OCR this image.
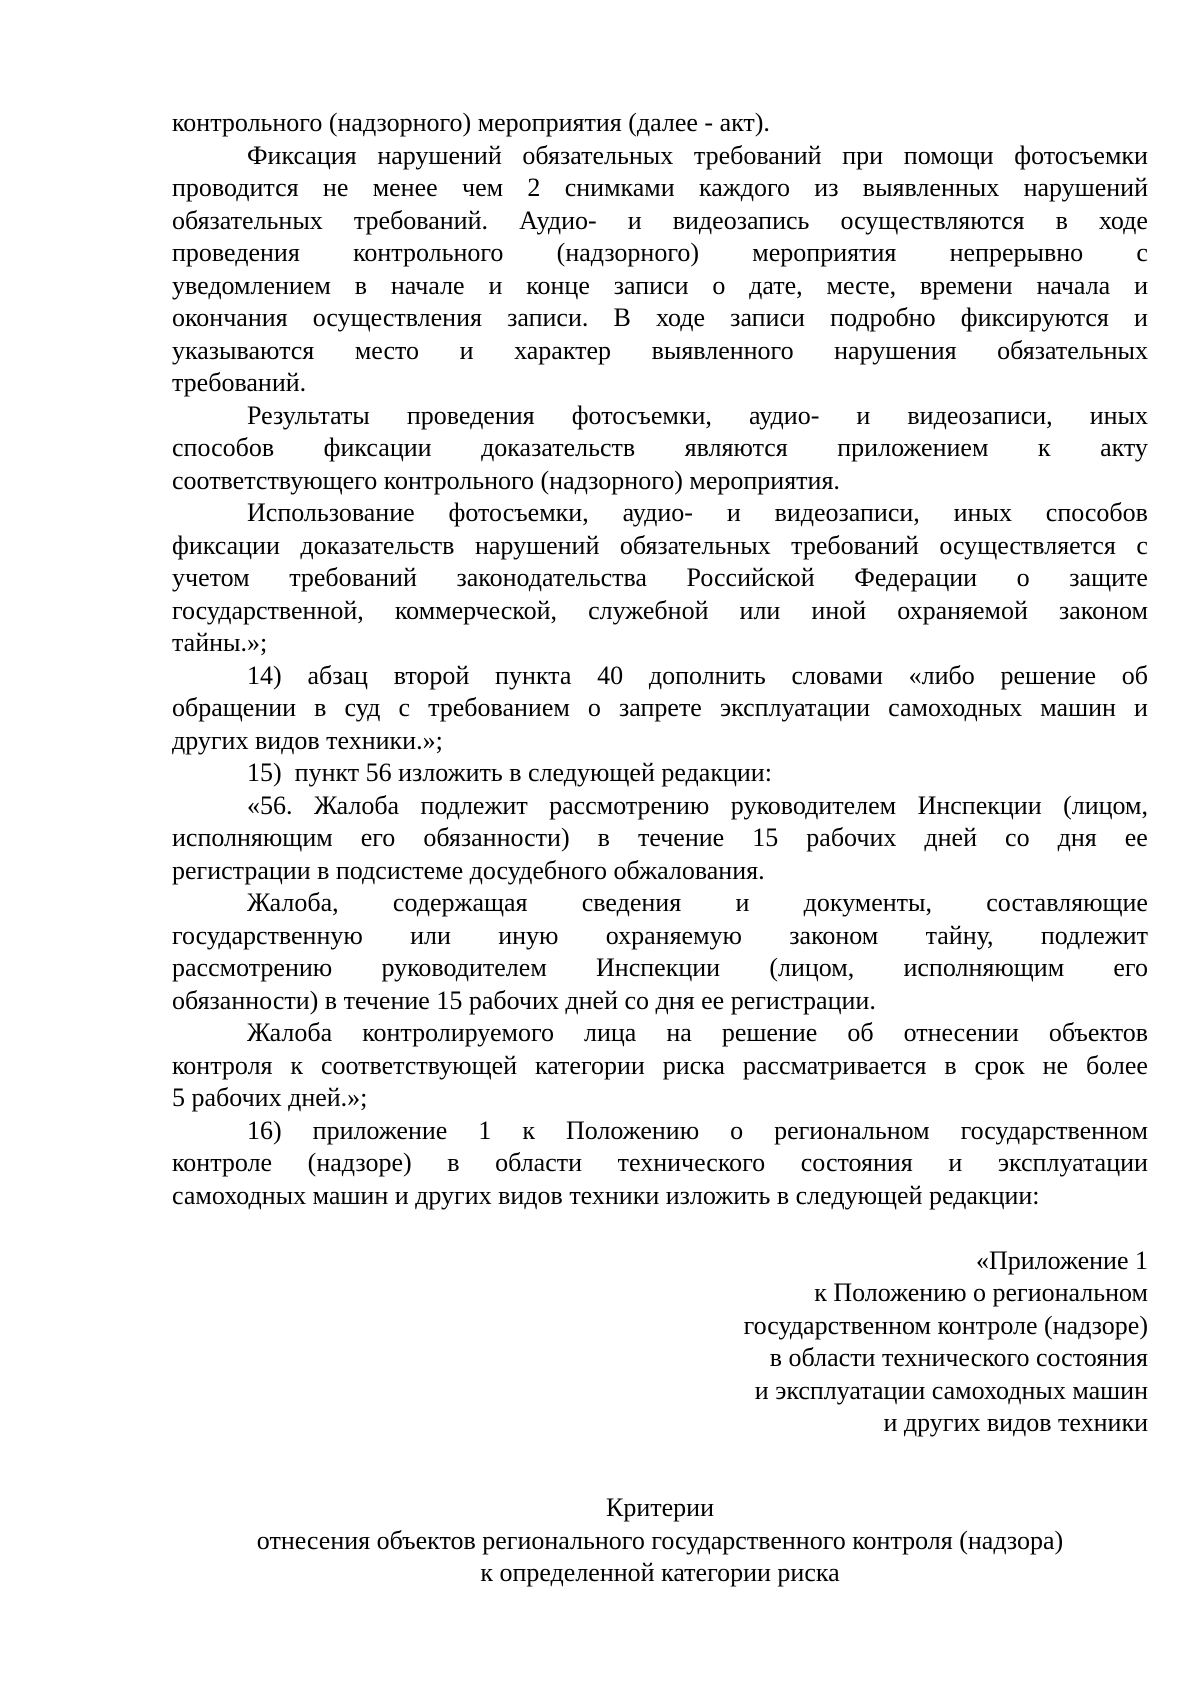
контрольного (надзорного) мероприятия (далее - акт).
Фиксация нарушений обязательных требований при помощи фотосъемки
проводится не менее чем 2 снимками каждого из выявленных нарушений
обязательных требований. Аудио- и видеозапись осуществляются в ходе
проведения контрольного (надзорного) мероприятия непрерывно с
уведомлением в начале и конце записи о дате, месте, времени начала и
окончания осуществления записи. В ходе записи подробно фиксируются и
указываются место и характер выявленного нарушения обязательных
требований.
Результаты проведения фотосъемки, аудио- и видеозаписи, иных
способов фиксации доказательств являются приложением к акту
соответствующего контрольного (надзорного) мероприятия.
Использование фотосъемки, аудио- и видеозаписи, иных способов
фиксации доказательств нарушений обязательных требований осуществляется с
учетом требований законодательства Российской Федерации о защите
государственной, коммерческой, служебной или иной охраняемой законом
тайны.»;
14) абзац второй пункта 40 дополнить словами «либо решение об
обращении в суд с требованием о запрете эксплуатации самоходных машин и
других видов техники.»;
15)  пункт 56 изложить в следующей редакции:
«56. Жалоба подлежит рассмотрению руководителем Инспекции (лицом,
исполняющим его обязанности) в течение 15 рабочих дней со дня ее
регистрации в подсистеме досудебного обжалования.
Жалоба, содержащая сведения и документы, составляющие
государственную или иную охраняемую законом тайну, подлежит
рассмотрению руководителем Инспекции (лицом, исполняющим его
обязанности) в течение 15 рабочих дней со дня ее регистрации.
Жалоба контролируемого лица на решение об отнесении объектов
контроля к соответствующей категории риска рассматривается в срок не более
5 рабочих дней.»;
16) приложение 1 к Положению о региональном государственном
контроле (надзоре) в области технического состояния и эксплуатации
самоходных машин и других видов техники изложить в следующей редакции:
«Приложение 1
к Положению о региональном
государственном контроле (надзоре)
в области технического состояния
и эксплуатации самоходных машин
и других видов техники
Критерии
отнесения объектов регионального государственного контроля (надзора)
к определенной категории риска
